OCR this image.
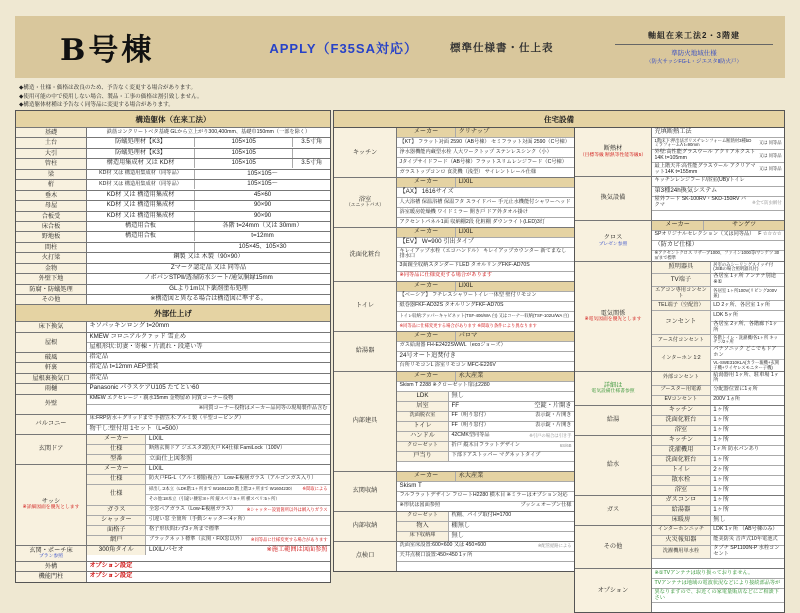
B号棟	APPLY（F35SA対応）	標準仕様書・仕上表
軸組在来工法2・3階建
準防火地域仕様
（防火サッシFG-L・ジエスタⅡ防火戸）
◆構造・仕様・価格は改良のため、予告なく変更する場合があります。
◆使用可能の中で使用しない場合、製品・工事の価格は割引致しません。
◆構造躯体材種は予告なく同等品に変更する場合があります。
構造躯体（在来工法）
基礎	鉄筋コンクリートベタ基礎 GLから立上がり300,400mm、基礎巾150mm（一部を除く）
土台	防蟻処理材【K3】	105×105	3.5寸角
大引	防蟻処理材【K3】	105×105
管柱	構造用集成材 又は KD材	105×105	3.5寸角
梁	KD材 又は 構造用集成材（同等品）	105×105～
桁	KD材 又は 構造用集成材（同等品）	105×105～
垂木	KD材 又は 構造用集成材	45×60
母屋	KD材 又は 構造用集成材	90×90
合板受	KD材 又は 構造用集成材	90×90
床合板	構造用合板	各階 t=24mm（又は 30mm）
野地板	構造用合板	t=12mm
間柱	105×45、105×30
火打梁	鋼製 又は 木製（90×90）
金物	Zマーク認定品 又は 同等品
外壁下地	ノボパンSTPⅡ/透湿防水シート/通気胴縁15mm
防腐・防蟻処理	GLより1m以下薬剤塗布処理
その他	※構造図と異なる場合は構造図に準ずる。
外部仕上げ
床下換気	キソパッキンロング t=20mm
屋根
KMEW コロニアルクァッド 雪止め
屋根形状:切妻・寄棟・片流れ・段違い等
破風	指定品
軒裏	指定品 t=12mm AEP塗装
屋根裏換気口	指定品
雨樋	Panasonic パラスケアU105 たてとい60
外壁
KMEW エクセレージ・親水15mm 金物留め 同質コーナー役物
※同質コーナー役物はメーカー品同等の現場製作品含む
バルコニー
床:FRP防水＋グリッドまで 手摺笠木:アルミ製（平型コーピング）
物干し:壁付用 1セット（L=500）
玄関ドア
メーカー	LIXIL
仕様	断熱玄関ドア ジエスタ2防火戸 K4仕様 FamiLock（100V）
型番	立面仕上図参照
サッシ
※詳細図面を優先とします
メーカー	LIXIL
仕様	防火戸FG-L（アルミ樹脂複合） Low-E複層ガラス（アルゴンガス入り）
仕様
掃出し:2本立（LDK階:1ヶ所まで W1604220 階上階:2ヶ所まで W1604230）	※間取による
その他:18本立（引違い腰窓:8ヶ所 縦スベリ:5ヶ所 横スベリ:5ヶ所）
ガラス	全窓ペアガラス（Low-E複層ガラス）	※シャッター設置箇所以外は網入りガラス
シャッター	引違い窓 全箇所（手動シャッター:4ヶ所）
面格子	格子形状問わず3ヶ所まで標準
網戸	ブラックネット標準（玄関・FIX窓以外）	※同等品に仕様変更する場合があります
玄関・ポーチ床
プラン参照
300角タイル LIXIL/パセオ	※施工範囲は図面参照
外構	オプション設定
機能門柱	オプション設定
住宅設備
キッチン
メーカー	クリナップ
【KT】 フラット対面 2590（AB号棟） セミフラット対面 2590（C号棟）
浄水器機能内蔵型水栓 人大ワークトップ ステンレスシンク（小）
Jタイプサイドフード（AB号棟）フラットスリムレンジフード（C号棟）
ガラストップコンロ 食洗機（浅型） サイレントレール仕様
浴室
（ユニットバス）
メーカー	LIXIL
【AX】 1616サイズ
人大浴槽 保温浴槽 保温フタ スライドバー 手元止水機能付シャワーヘッド
浴室暖房乾燥機 ワイドミラー 開き戸 ドア外タオル掛け
アクセントパネル1面 収納棚2段 化粧棚 ダウンライト(LED)3灯
洗面化粧台
メーカー	LIXIL
【EV】 W=900 引出タイプ
キレイアップ水栓（エコハンドル） キレイアップカウンター 新てまなし排水口
3面鏡全収納スタンダードLED タオルリングFKF-AD70S
※同等品に仕様変更する場合があります
トイレ
メーカー	LIXIL
【ベーシア】 フチレスシャワートイレ一体型 壁付リモコン
紙巻器FKF-AD32S タオルリングFKF-AD70S
トイレ収納:アッパーキャビネット(TSF-406/WA 白) 又はコーナー収納(TSF-102U/WA 白)
※同等品に仕様変更する場合があります ※間取り条件により異なります
給湯器
メーカー	パロマ
ガス給湯器 FH-E2422SWWL（ecoジョーズ）
24号オート追焚付き
台所リモコンL 浴室リモコン MFC-E226V
内部建具
メーカー	永大産業
Skism T 2288 ※クローゼット扉は2280
LDK	無し
居室	FF	空錠・片開き
洗面脱衣室	FF（明り窓付）	表示錠・片開き
トイレ	FF（明り窓付）	表示錠・片開き
ハンドル	42CMK型同等品	※引戸の場合は引き手
クローゼット	折戸 縦木目フラットデザイン	6S/6B
戸当り	下部ドアストッパー マグネットタイプ
玄関収納
メーカー	永大産業
Skism T
フルフラットデザイン フロートH2280 横木目 ※ミラーはオプション対応
※形状は図面参照	プッシュオープン仕様
内部収納
クローゼット	枕棚、パイプ取付H=1700
物入	棚無し
床下収納庫	無し
点検口
洗面室床設置:600×600 又は 450×600	※配管経路による
天井点検口設置:450×450 1ヶ所
断熱材
（目標等級 断熱等性能等級5）
充填断熱工法
1階床下:押出法ポリスチレンフォーム断熱材3種bD ミラフォームΛ t=90mm	又は 同等品
外壁:高性能グラスウール アクリアネクスト 14K t=105mm	又は 同等品
最上階天井:高性能グラスウール アクリアマット14K t=155mm	又は 同等品
換気設備
キッチンレンジフード/浴室(UB)/トイレ
第3種24h換気システム
屋外フード SK-100RV・SKD-150RV バクマ	※全て防虫網付
クロス
プレゼン参照
メーカー	サンゲツ
SPオリジナルセレクション（又は同等品） F ☆☆☆☆
（防カビ仕様）
※アクセントクロス リザーブ1000、ファイン1000等/サンゲツ 30㎡まで標準
電気関係
※電気図面を優先とします
照明器具	居室のみシーリングスイッチ付(JSBの場合照明器具付)
TV端子	各居室 1ヶ所 アンテナ別途※①
エアコン専用コンセント
各居室 1ヶ所100V(リビング200V兼)
TEL端子（空配管） LD 2ヶ所、各居室 1ヶ所
コンセント
LDK 5ヶ所
各居室 2ヶ所、各階廊下1ヶ所
アース付コンセント 各階トイレ・洗濯機/各1ヶ所 キッチン/2ヶ所
インターホン 1:2
パナソニック どこでもドアホン
VL-SWE310KLA(カラー親機+玄関子機+ワイヤレスモニター子機)
詳細は
電気設備仕様書参照
外部コンセント	給湯器用 1ヶ所、駐車場 1ヶ所
ブースター用電源 分配器位置に1ヵ所
EVコンセント	200V 1ヵ所
給湯
キッチン	1ヶ所
洗面化粧台	1ヶ所
浴室	1ヶ所
給水
キッチン	1ヶ所
洗濯機用	1ヶ所 防水パンあり
洗面化粧台	1ヶ所
トイレ	2ヶ所
散水栓	1ヶ所
浴室	1ヶ所
ガス
ガスコンロ	1ヶ所
給湯器	1ヶ所
床暖房	無し
その他
インターホンニッチ LDK 1ヶ所 （AB号棟のみ）
火災報知器	能美防災 音声式10年電池式
洗濯機用単水栓	タブチ SP1100N-P 水栓コンセント
オプション
※①TVアンテナは取り扱っておりません。
TVアンテナは地域の電波状況などにより接続部品等が
異なりますので、お近くの家電量販店などにご相談下さい
